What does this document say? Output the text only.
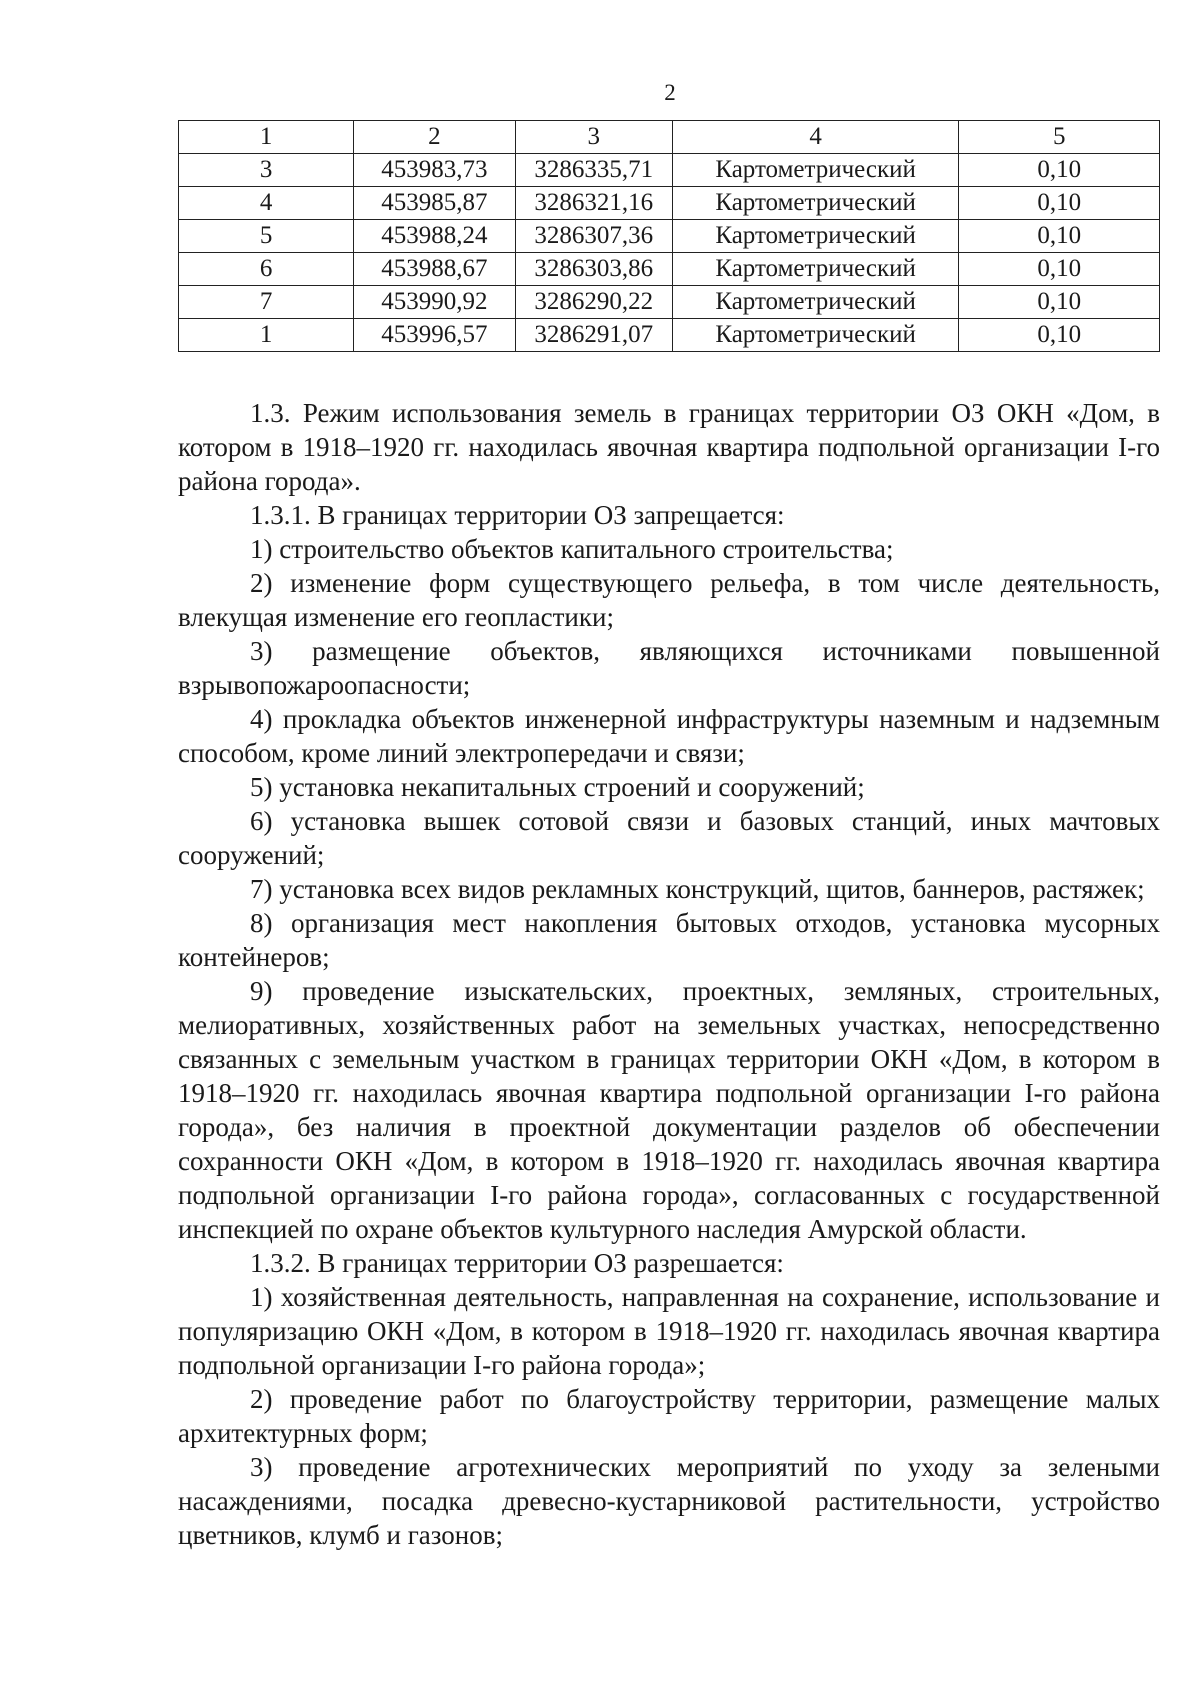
2
1	2	3	4	5
3	453983,73	3286335,71	Картометрический	0,10
4	453985,87	3286321,16	Картометрический	0,10
5	453988,24	3286307,36	Картометрический	0,10
6	453988,67	3286303,86	Картометрический	0,10
7	453990,92	3286290,22	Картометрический	0,10
1	453996,57	3286291,07	Картометрический	0,10

1.3. Режим использования земель в границах территории ОЗ ОКН «Дом, в котором в 1918–1920 гг. находилась явочная квартира подпольной организации I-го района города».

1.3.1. В границах территории ОЗ запрещается:

1) строительство объектов капитального строительства;

2) изменение форм существующего рельефа, в том числе деятельность, влекущая изменение его геопластики;

3) размещение объектов, являющихся источниками повышенной взрывопожароопасности;

4) прокладка объектов инженерной инфраструктуры наземным и надземным способом, кроме линий электропередачи и связи;

5) установка некапитальных строений и сооружений;

6) установка вышек сотовой связи и базовых станций, иных мачтовых сооружений;

7) установка всех видов рекламных конструкций, щитов, баннеров, растяжек;

8) организация мест накопления бытовых отходов, установка мусорных контейнеров;

9) проведение изыскательских, проектных, земляных, строительных, мелиоративных, хозяйственных работ на земельных участках, непосредственно связанных с земельным участком в границах территории ОКН «Дом, в котором в 1918–1920 гг. находилась явочная квартира подпольной организации I-го района города», без наличия в проектной документации разделов об обеспечении сохранности ОКН «Дом, в котором в 1918–1920 гг. находилась явочная квартира подпольной организации I-го района города», согласованных с государственной инспекцией по охране объектов культурного наследия Амурской области.

1.3.2. В границах территории ОЗ разрешается:

1) хозяйственная деятельность, направленная на сохранение, использование и популяризацию ОКН «Дом, в котором в 1918–1920 гг. находилась явочная квартира подпольной организации I-го района города»;

2) проведение работ по благоустройству территории, размещение малых архитектурных форм;

3) проведение агротехнических мероприятий по уходу за зелеными насаждениями, посадка древесно-кустарниковой растительности, устройство цветников, клумб и газонов;
